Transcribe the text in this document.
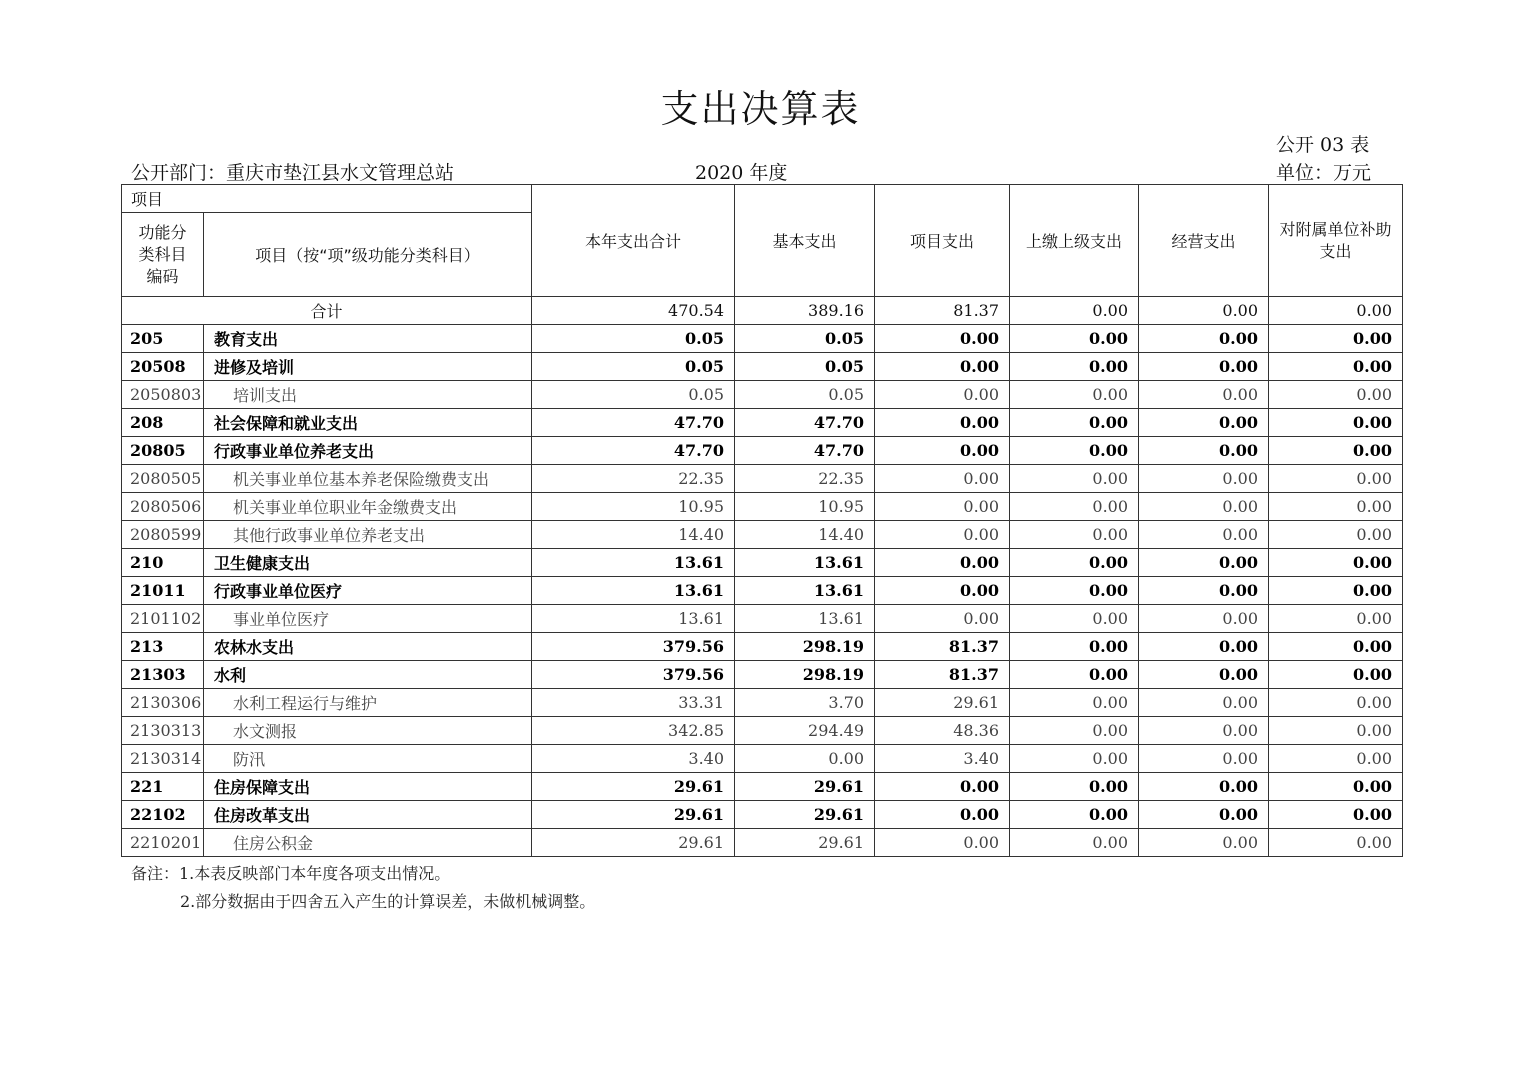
支出决算表
公开 03 表
公开部门：重庆市垫江县水文管理总站	2020 年度	单位：万元
项目		本年支出合计	基本支出	项目支出	上缴上级支出	经营支出	对附属单位补助支出
功能分类科目编码	项目（按“项”级功能分类科目）						
合计		470.54	389.16	81.37	0.00	0.00	0.00
205	教育支出	0.05	0.05	0.00	0.00	0.00	0.00
20508	进修及培训	0.05	0.05	0.00	0.00	0.00	0.00
2050803	培训支出	0.05	0.05	0.00	0.00	0.00	0.00
208	社会保障和就业支出	47.70	47.70	0.00	0.00	0.00	0.00
20805	行政事业单位养老支出	47.70	47.70	0.00	0.00	0.00	0.00
2080505	机关事业单位基本养老保险缴费支出	22.35	22.35	0.00	0.00	0.00	0.00
2080506	机关事业单位职业年金缴费支出	10.95	10.95	0.00	0.00	0.00	0.00
2080599	其他行政事业单位养老支出	14.40	14.40	0.00	0.00	0.00	0.00
210	卫生健康支出	13.61	13.61	0.00	0.00	0.00	0.00
21011	行政事业单位医疗	13.61	13.61	0.00	0.00	0.00	0.00
2101102	事业单位医疗	13.61	13.61	0.00	0.00	0.00	0.00
213	农林水支出	379.56	298.19	81.37	0.00	0.00	0.00
21303	水利	379.56	298.19	81.37	0.00	0.00	0.00
2130306	水利工程运行与维护	33.31	3.70	29.61	0.00	0.00	0.00
2130313	水文测报	342.85	294.49	48.36	0.00	0.00	0.00
2130314	防汛	3.40	0.00	3.40	0.00	0.00	0.00
221	住房保障支出	29.61	29.61	0.00	0.00	0.00	0.00
22102	住房改革支出	29.61	29.61	0.00	0.00	0.00	0.00
2210201	住房公积金	29.61	29.61	0.00	0.00	0.00	0.00
备注：1.本表反映部门本年度各项支出情况。
2.部分数据由于四舍五入产生的计算误差，未做机械调整。
